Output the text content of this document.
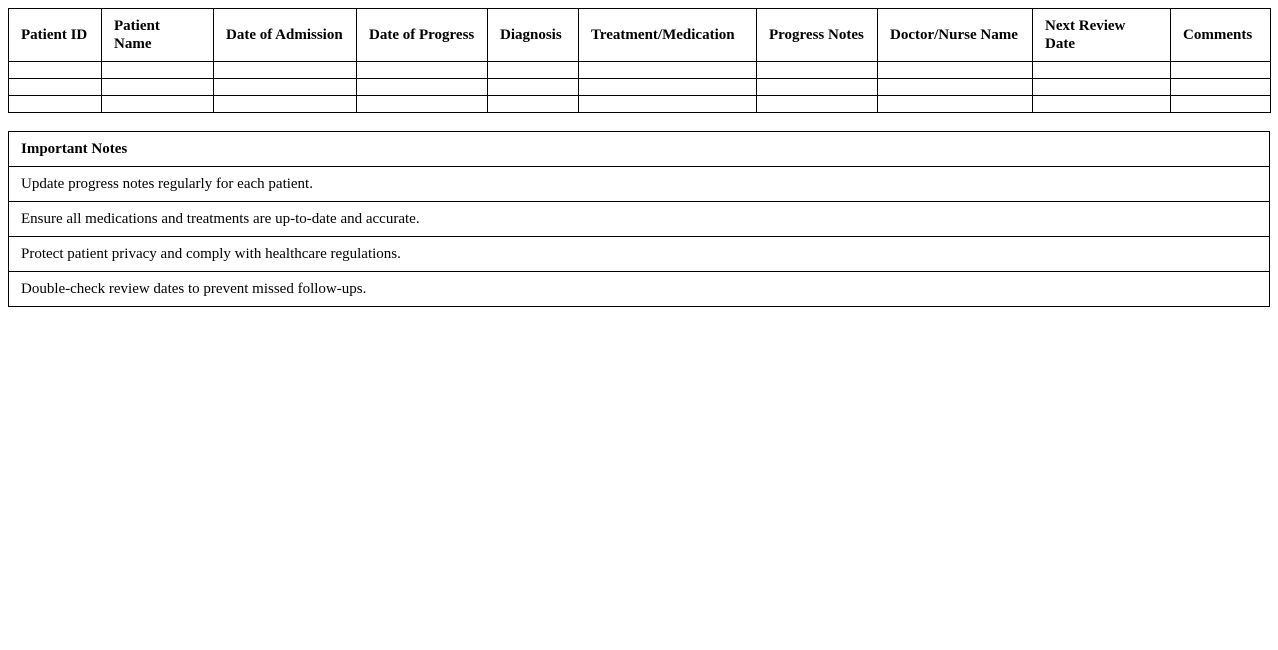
Patient ID	Patient Name	Date of Admission	Date of Progress	Diagnosis	Treatment/Medication	Progress Notes	Doctor/Nurse Name	Next Review Date	Comments

Important Notes
Update progress notes regularly for each patient.
Ensure all medications and treatments are up-to-date and accurate.
Protect patient privacy and comply with healthcare regulations.
Double-check review dates to prevent missed follow-ups.
